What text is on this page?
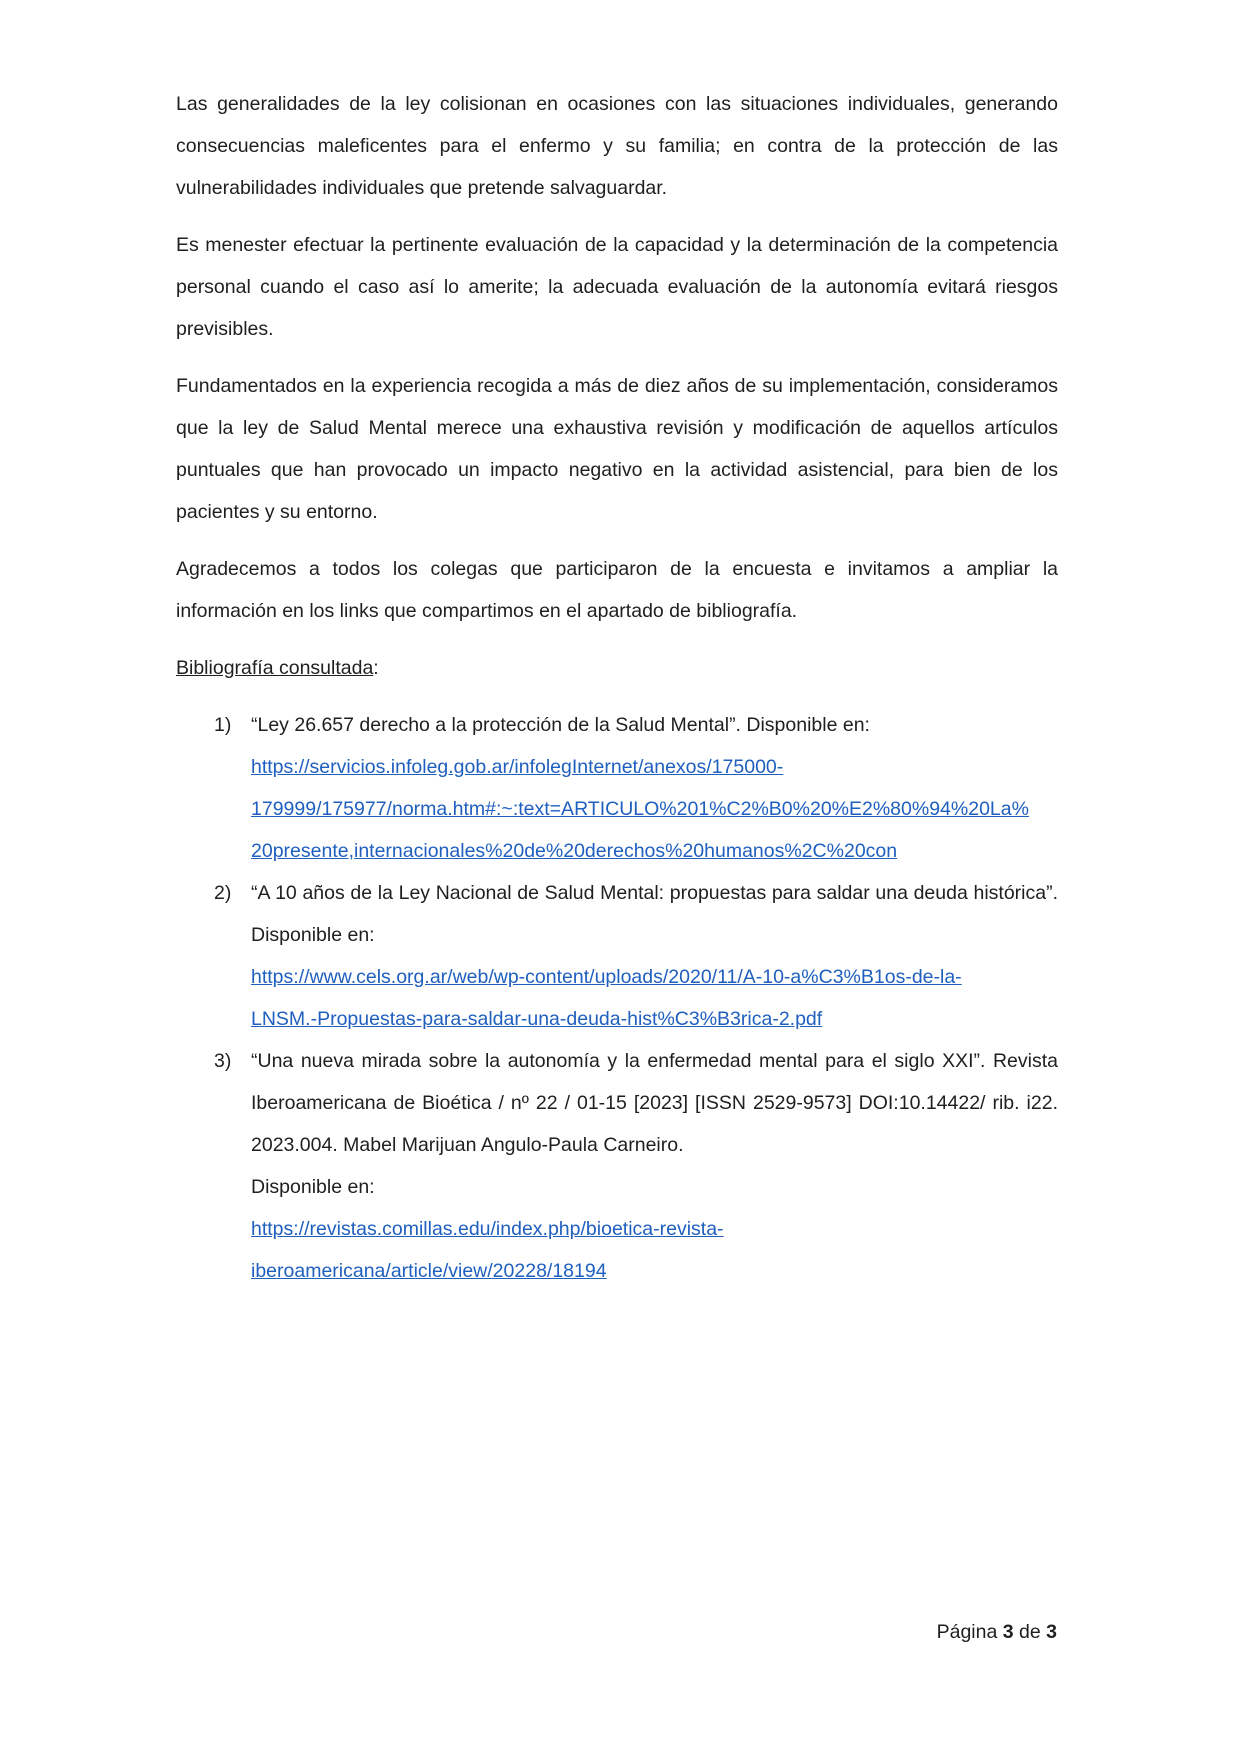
Las generalidades de la ley colisionan en ocasiones con las situaciones individuales, generando consecuencias maleficentes para el enfermo y su familia; en contra de la protección de las vulnerabilidades individuales que pretende salvaguardar.

Es menester efectuar la pertinente evaluación de la capacidad y la determinación de la competencia personal cuando el caso así lo amerite; la adecuada evaluación de la autonomía evitará riesgos previsibles.

Fundamentados en la experiencia recogida a más de diez años de su implementación, consideramos que la ley de Salud Mental merece una exhaustiva revisión y modificación de aquellos artículos puntuales que han provocado un impacto negativo en la actividad asistencial, para bien de los pacientes y su entorno.

Agradecemos a todos los colegas que participaron de la encuesta e invitamos a ampliar la información en los links que compartimos en el apartado de bibliografía.

Bibliografía consultada:

1) “Ley 26.657 derecho a la protección de la Salud Mental”. Disponible en:
https://servicios.infoleg.gob.ar/infolegInternet/anexos/175000-
179999/175977/norma.htm#:~:text=ARTICULO%201%C2%B0%20%E2%80%94%20La%
20presente,internacionales%20de%20derechos%20humanos%2C%20con
2) “A 10 años de la Ley Nacional de Salud Mental: propuestas para saldar una deuda histórica”. Disponible en:
https://www.cels.org.ar/web/wp-content/uploads/2020/11/A-10-a%C3%B1os-de-la-
LNSM.-Propuestas-para-saldar-una-deuda-hist%C3%B3rica-2.pdf
3) “Una nueva mirada sobre la autonomía y la enfermedad mental para el siglo XXI”. Revista Iberoamericana de Bioética / nº 22 / 01-15 [2023] [ISSN 2529-9573] DOI:10.14422/ rib. i22. 2023.004. Mabel Marijuan Angulo-Paula Carneiro.
Disponible en:
https://revistas.comillas.edu/index.php/bioetica-revista-
iberoamericana/article/view/20228/18194
Página 3 de 3
